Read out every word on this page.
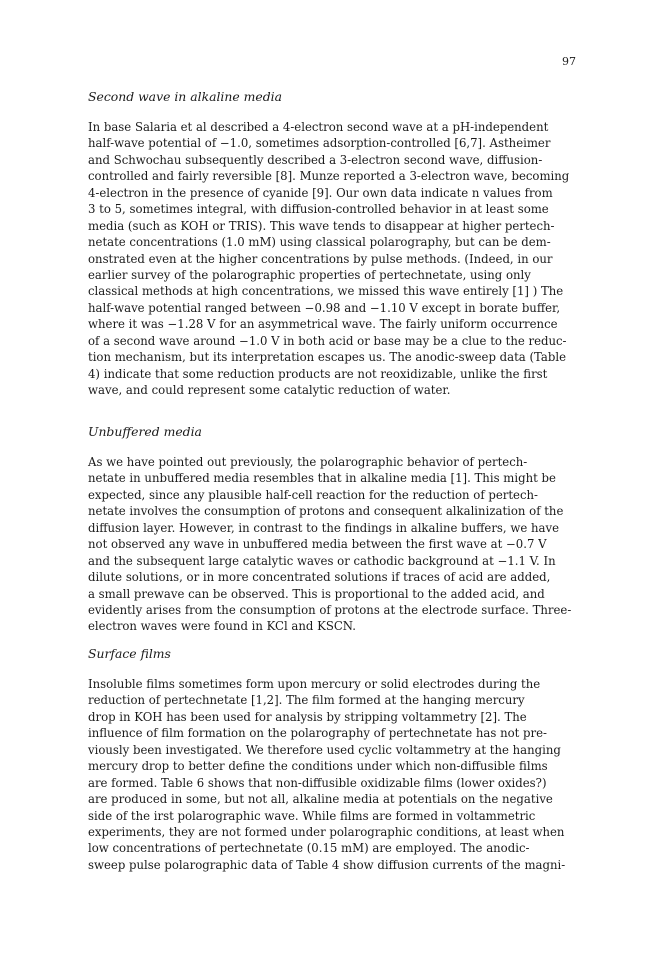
97
Second wave in alkaline media
In base Salaria et al described a 4-electron second wave at a pH-independent
half-wave potential of −1.0, sometimes adsorption-controlled [6,7]. Astheimer
and Schwochau subsequently described a 3-electron second wave, diffusion-
controlled and fairly reversible [8]. Munze reported a 3-electron wave, becoming
4-electron in the presence of cyanide [9]. Our own data indicate n values from
3 to 5, sometimes integral, with diffusion-controlled behavior in at least some
media (such as KOH or TRIS). This wave tends to disappear at higher pertech-
netate concentrations (1.0 mM) using classical polarography, but can be dem-
onstrated even at the higher concentrations by pulse methods. (Indeed, in our
earlier survey of the polarographic properties of pertechnetate, using only
classical methods at high concentrations, we missed this wave entirely [1] ) The
half-wave potential ranged between −0.98 and −1.10 V except in borate buffer,
where it was −1.28 V for an asymmetrical wave. The fairly uniform occurrence
of a second wave around −1.0 V in both acid or base may be a clue to the reduc-
tion mechanism, but its interpretation escapes us. The anodic-sweep data (Table
4) indicate that some reduction products are not reoxidizable, unlike the first
wave, and could represent some catalytic reduction of water.
Unbuffered media
As we have pointed out previously, the polarographic behavior of pertech-
netate in unbuffered media resembles that in alkaline media [1]. This might be
expected, since any plausible half-cell reaction for the reduction of pertech-
netate involves the consumption of protons and consequent alkalinization of the
diffusion layer. However, in contrast to the findings in alkaline buffers, we have
not observed any wave in unbuffered media between the first wave at −0.7 V
and the subsequent large catalytic waves or cathodic background at −1.1 V. In
dilute solutions, or in more concentrated solutions if traces of acid are added,
a small prewave can be observed. This is proportional to the added acid, and
evidently arises from the consumption of protons at the electrode surface. Three-
electron waves were found in KCl and KSCN.
Surface films
Insoluble films sometimes form upon mercury or solid electrodes during the
reduction of pertechnetate [1,2]. The film formed at the hanging mercury
drop in KOH has been used for analysis by stripping voltammetry [2]. The
influence of film formation on the polarography of pertechnetate has not pre-
viously been investigated. We therefore used cyclic voltammetry at the hanging
mercury drop to better define the conditions under which non-diffusible films
are formed. Table 6 shows that non-diffusible oxidizable films (lower oxides?)
are produced in some, but not all, alkaline media at potentials on the negative
side of the irst polarographic wave. While films are formed in voltammetric
experiments, they are not formed under polarographic conditions, at least when
low concentrations of pertechnetate (0.15 mM) are employed. The anodic-
sweep pulse polarographic data of Table 4 show diffusion currents of the magni-
